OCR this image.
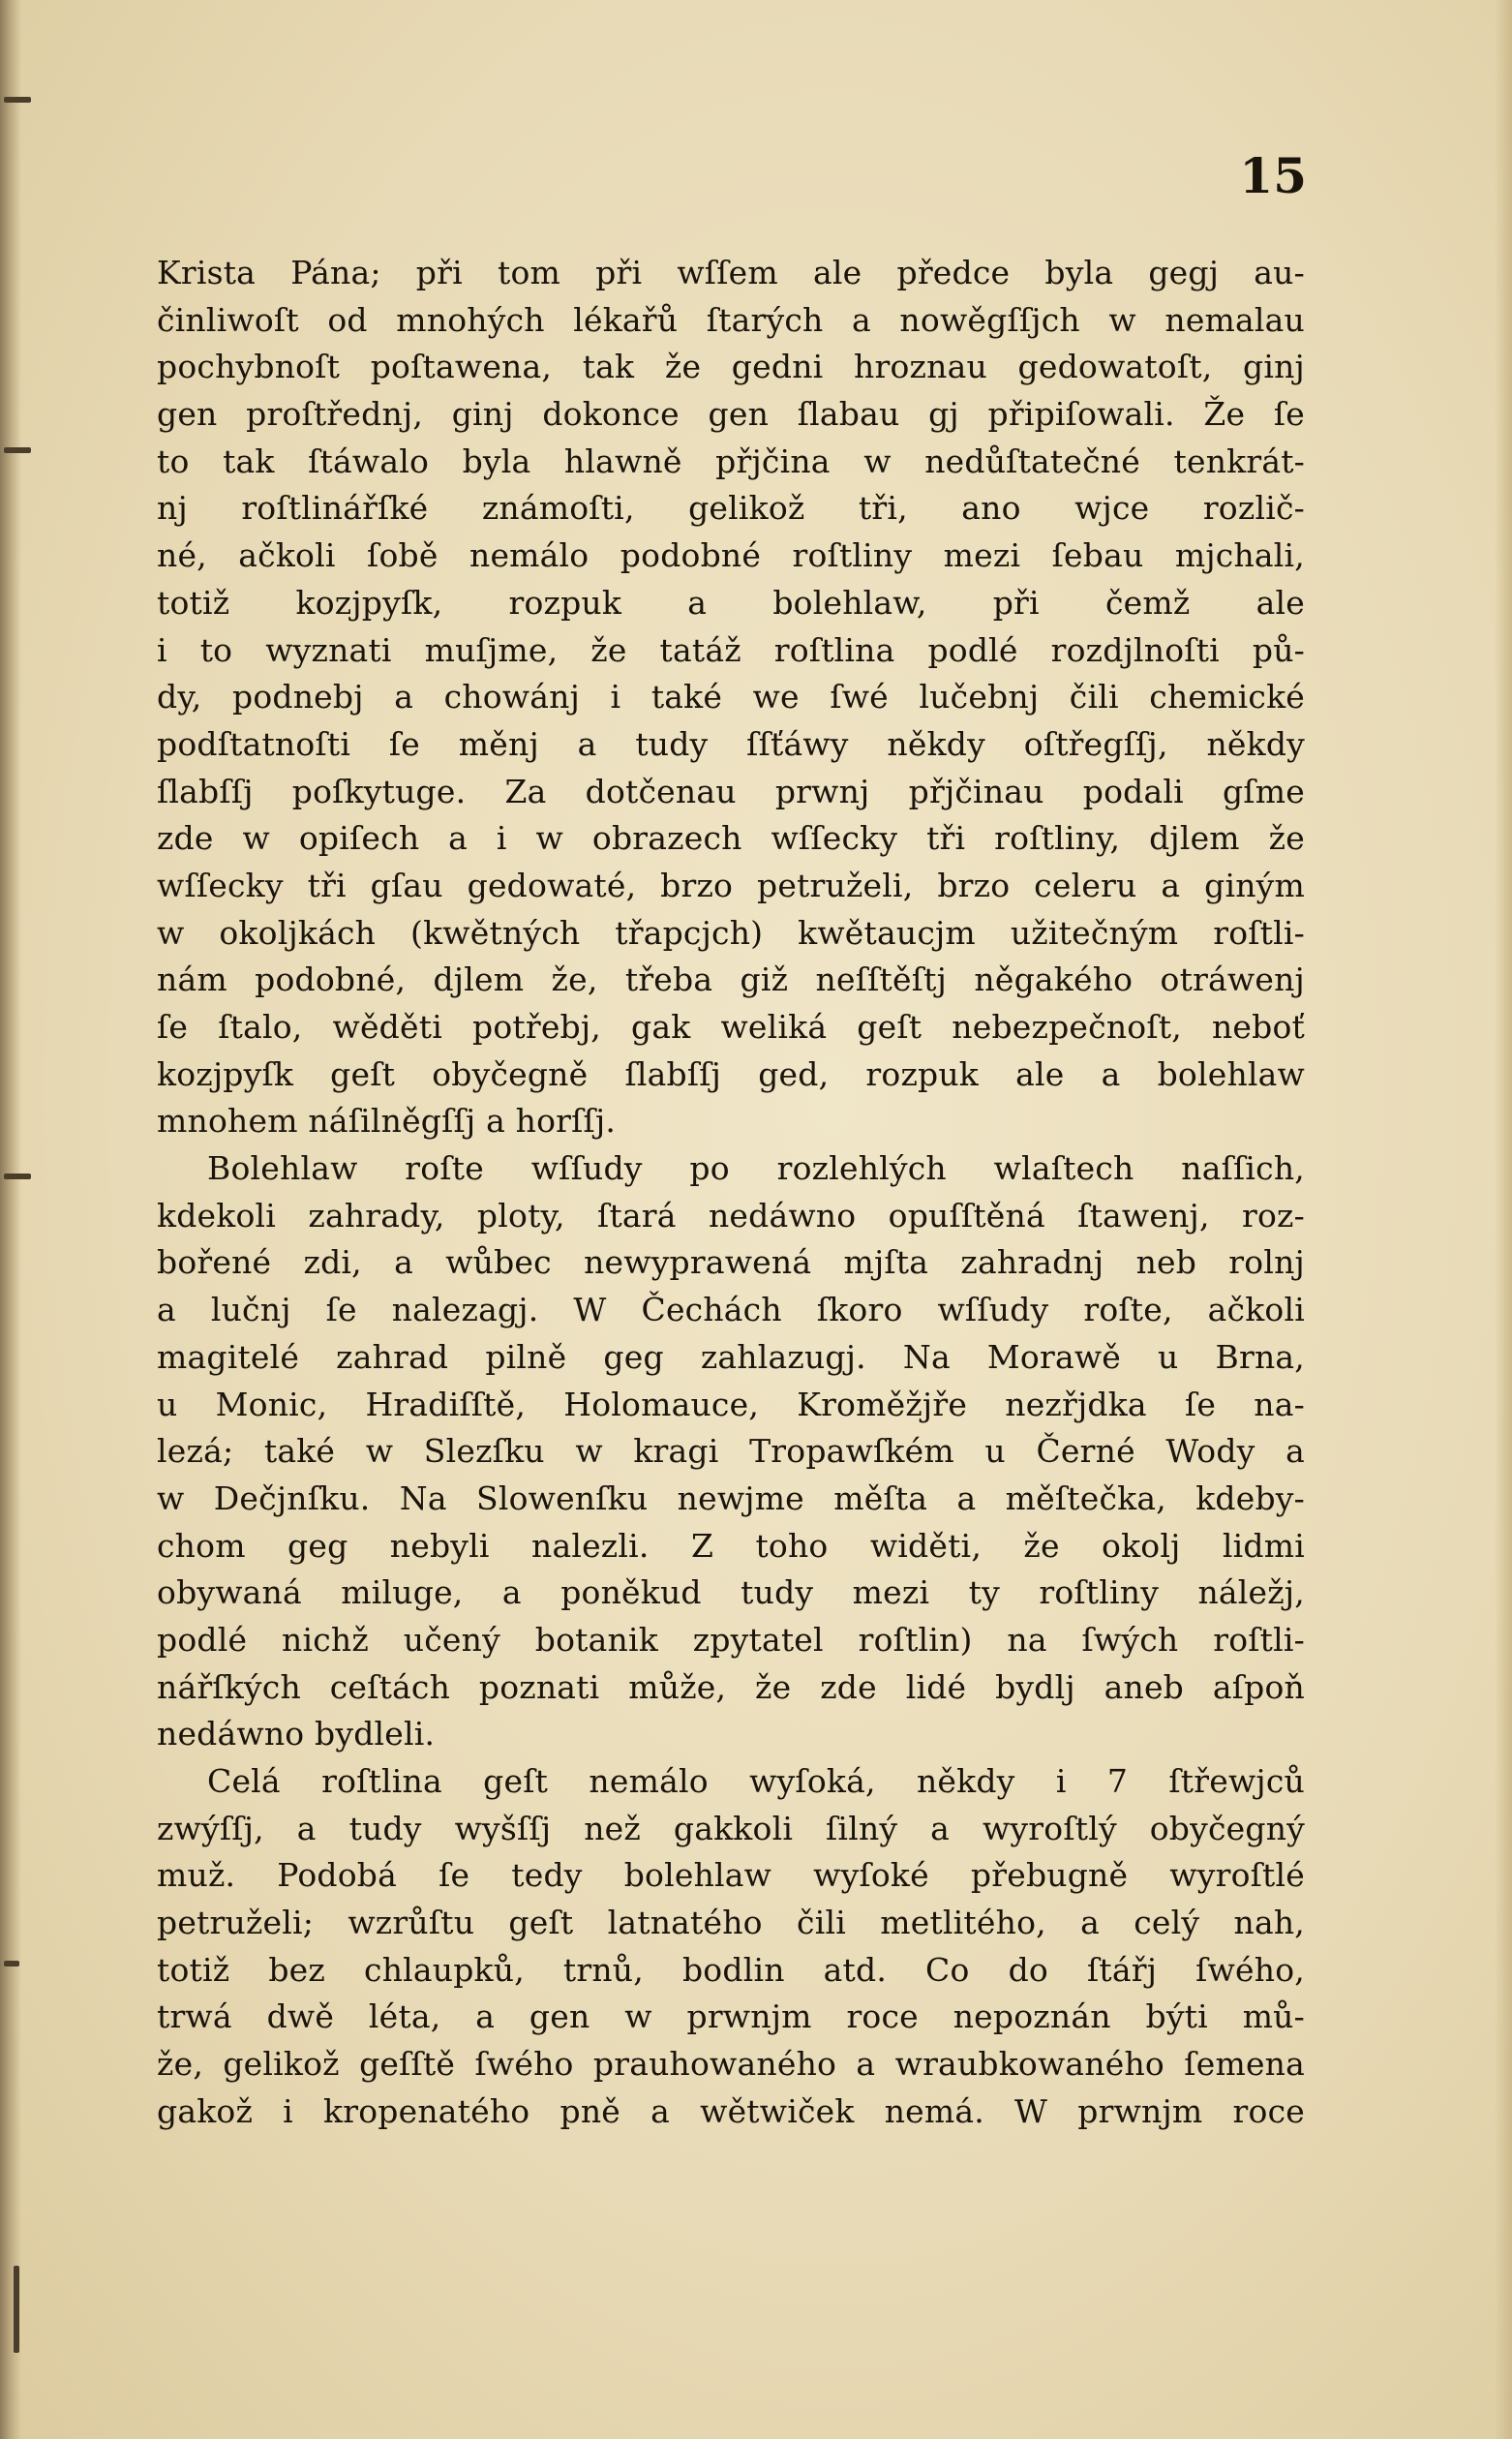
15
Krista Pána; při tom při wſſem ale předce byla gegj au-
činliwoſt od mnohých lékařů ſtarých a nowěgſſjch w nemalau
pochybnoſt poſtawena, tak že gedni hroznau gedowatoſt, ginj
gen proſtřednj, ginj dokonce gen ſlabau gj připiſowali. Že ſe
to tak ſtáwalo byla hlawně přjčina w nedůſtatečné tenkrát-
nj roſtlinářſké známoſti, gelikož tři, ano wjce rozlič-
né, ačkoli ſobě nemálo podobné roſtliny mezi ſebau mjchali,
totiž kozjpyſk, rozpuk a bolehlaw, při čemž ale
i to wyznati muſjme, že tatáž roſtlina podlé rozdjlnoſti pů-
dy, podnebj a chowánj i také we ſwé lučebnj čili chemické
podſtatnoſti ſe měnj a tudy ſſťáwy někdy oſtřegſſj, někdy
ſlabſſj poſkytuge. Za dotčenau prwnj přjčinau podali gſme
zde w opiſech a i w obrazech wſſecky tři roſtliny, djlem že
wſſecky tři gſau gedowaté, brzo petruželi, brzo celeru a giným
w okoljkách (kwětných třapcjch) kwětaucjm užitečným roſtli-
nám podobné, djlem že, třeba giž neſſtěſtj něgakého otráwenj
ſe ſtalo, wěděti potřebj, gak weliká geſt nebezpečnoſt, neboť
kozjpyſk geſt obyčegně ſlabſſj ged, rozpuk ale a bolehlaw
mnohem náſilněgſſj a horſſj.
Bolehlaw roſte wſſudy po rozlehlých wlaſtech naſſich,
kdekoli zahrady, ploty, ſtará nedáwno opuſſtěná ſtawenj, roz-
bořené zdi, a wůbec newyprawená mjſta zahradnj neb rolnj
a lučnj ſe nalezagj. W Čechách ſkoro wſſudy roſte, ačkoli
magitelé zahrad pilně geg zahlazugj. Na Morawě u Brna,
u Monic, Hradiſſtě, Holomauce, Kroměžjře nezřjdka ſe na-
lezá; také w Slezſku w kragi Tropawſkém u Černé Wody a
w Dečjnſku. Na Slowenſku newjme měſta a měſtečka, kdeby-
chom geg nebyli nalezli. Z toho widěti, že okolj lidmi
obywaná miluge, a poněkud tudy mezi ty roſtliny náležj,
podlé nichž učený botanik zpytatel roſtlin) na ſwých roſtli-
nářſkých ceſtách poznati může, že zde lidé bydlj aneb aſpoň
nedáwno bydleli.
Celá roſtlina geſt nemálo wyſoká, někdy i 7 ſtřewjců
zwýſſj, a tudy wyšſſj než gakkoli ſilný a wyroſtlý obyčegný
muž. Podobá ſe tedy bolehlaw wyſoké přebugně wyroſtlé
petruželi; wzrůſtu geſt latnatého čili metlitého, a celý nah,
totiž bez chlaupků, trnů, bodlin atd. Co do ſtářj ſwého,
trwá dwě léta, a gen w prwnjm roce nepoznán býti mů-
že, gelikož geſſtě ſwého prauhowaného a wraubkowaného ſemena
gakož i kropenatého pně a wětwiček nemá. W prwnjm roce
